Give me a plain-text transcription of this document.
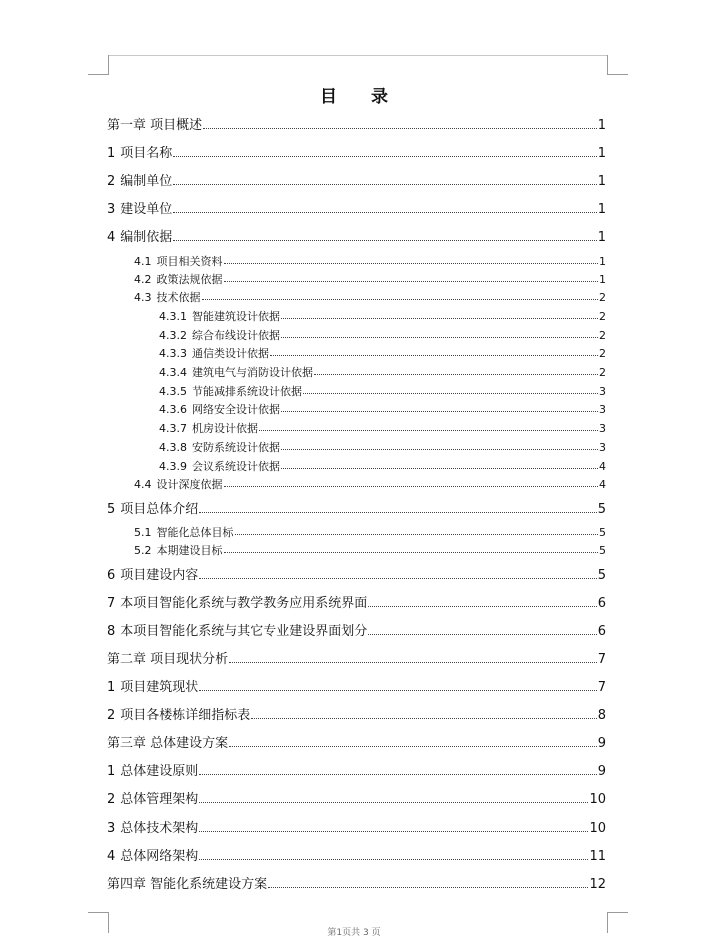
目 录
第一章 项目概述	1
1 项目名称	1
2 编制单位	1
3 建设单位	1
4 编制依据	1
4.1 项目相关资料	1
4.2 政策法规依据	1
4.3 技术依据	2
4.3.1 智能建筑设计依据	2
4.3.2 综合布线设计依据	2
4.3.3 通信类设计依据	2
4.3.4 建筑电气与消防设计依据	2
4.3.5 节能减排系统设计依据	3
4.3.6 网络安全设计依据	3
4.3.7 机房设计依据	3
4.3.8 安防系统设计依据	3
4.3.9 会议系统设计依据	4
4.4 设计深度依据	4
5 项目总体介绍	5
5.1 智能化总体目标	5
5.2 本期建设目标	5
6 项目建设内容	5
7 本项目智能化系统与教学教务应用系统界面	6
8 本项目智能化系统与其它专业建设界面划分	6
第二章 项目现状分析	7
1 项目建筑现状	7
2 项目各楼栋详细指标表	8
第三章 总体建设方案	9
1 总体建设原则	9
2 总体管理架构	10
3 总体技术架构	10
4 总体网络架构	11
第四章 智能化系统建设方案	12
第1页共 3 页
